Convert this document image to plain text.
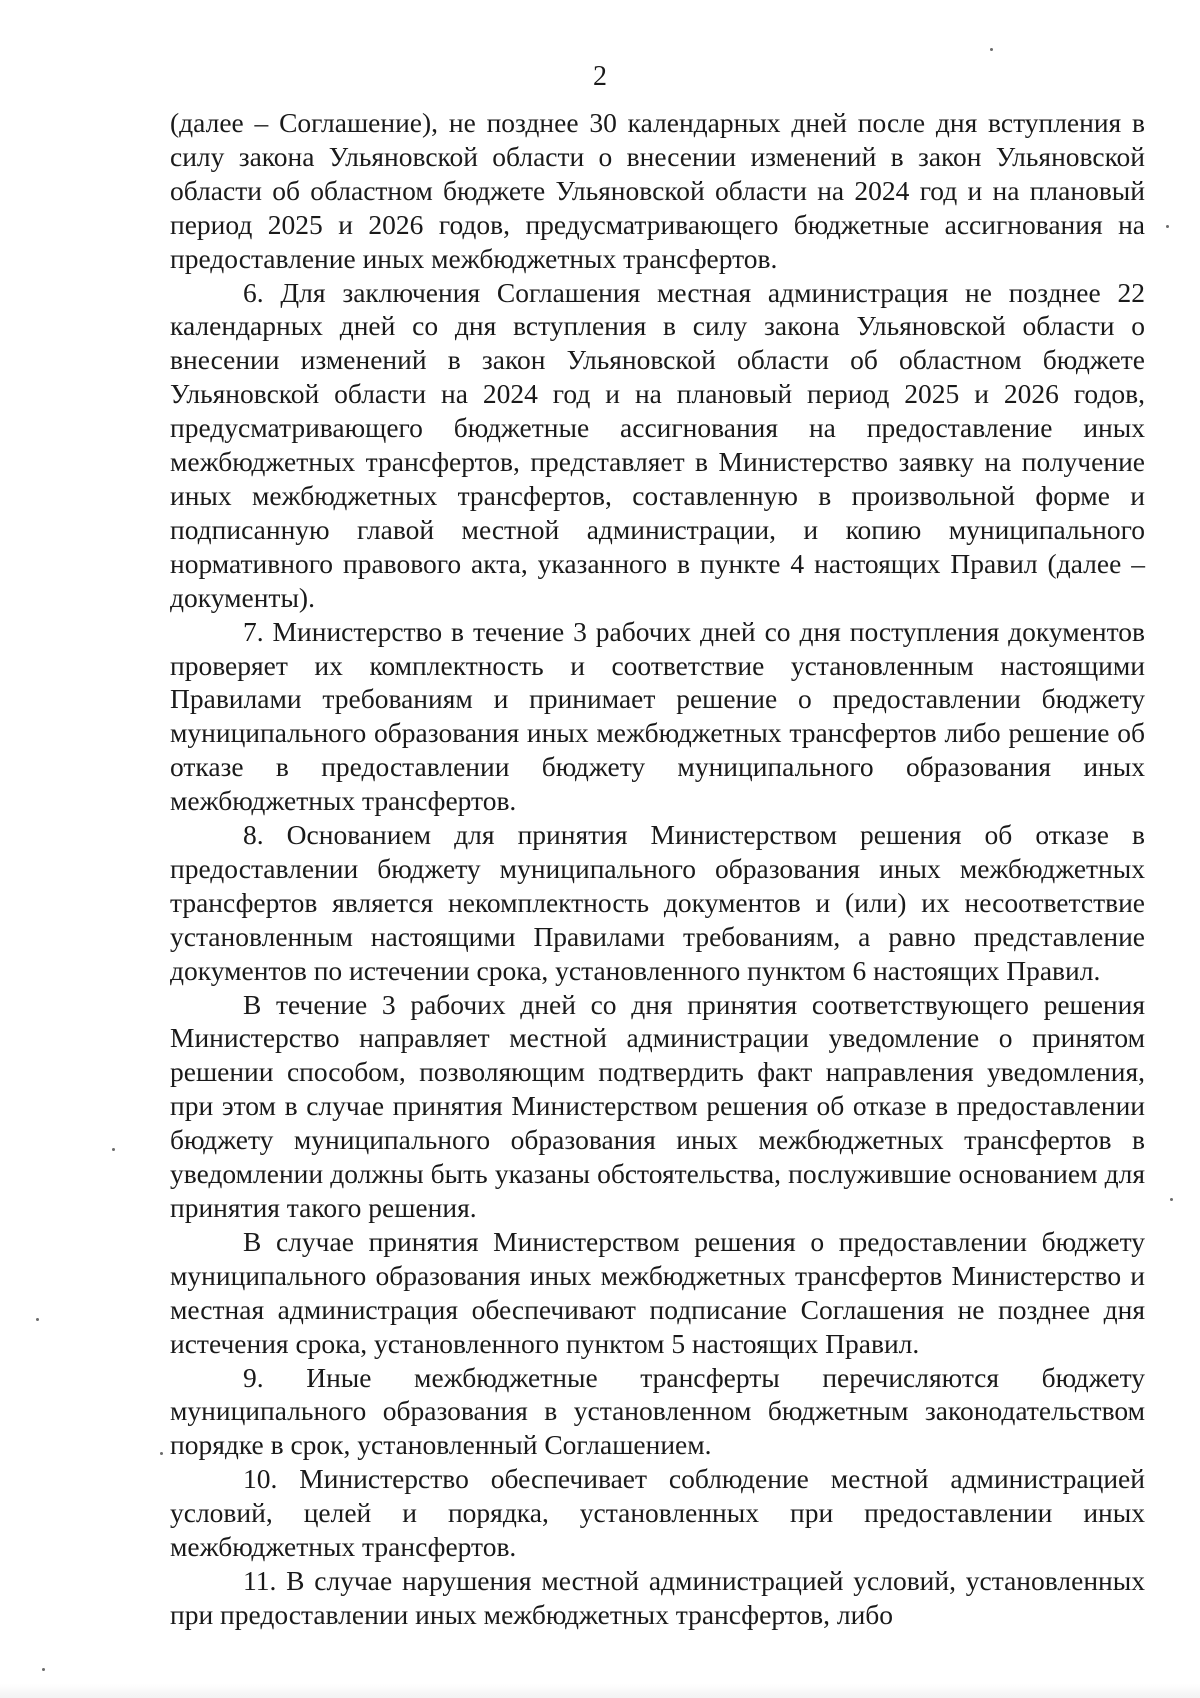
2

(далее – Соглашение), не позднее 30 календарных дней после дня вступления в силу закона Ульяновской области о внесении изменений в закон Ульяновской области об областном бюджете Ульяновской области на 2024 год и на плановый период 2025 и 2026 годов, предусматривающего бюджетные ассигнования на предоставление иных межбюджетных трансфертов.

6. Для заключения Соглашения местная администрация не позднее 22 календарных дней со дня вступления в силу закона Ульяновской области о внесении изменений в закон Ульяновской области об областном бюджете Ульяновской области на 2024 год и на плановый период 2025 и 2026 годов, предусматривающего бюджетные ассигнования на предоставление иных межбюджетных трансфертов, представляет в Министерство заявку на получение иных межбюджетных трансфертов, составленную в произвольной форме и подписанную главой местной администрации, и копию муниципального нормативного правового акта, указанного в пункте 4 настоящих Правил (далее – документы).

7. Министерство в течение 3 рабочих дней со дня поступления документов проверяет их комплектность и соответствие установленным настоящими Правилами требованиям и принимает решение о предоставлении бюджету муниципального образования иных межбюджетных трансфертов либо решение об отказе в предоставлении бюджету муниципального образования иных межбюджетных трансфертов.

8. Основанием для принятия Министерством решения об отказе в предоставлении бюджету муниципального образования иных межбюджетных трансфертов является некомплектность документов и (или) их несоответствие установленным настоящими Правилами требованиям, а равно представление документов по истечении срока, установленного пунктом 6 настоящих Правил.

В течение 3 рабочих дней со дня принятия соответствующего решения Министерство направляет местной администрации уведомление о принятом решении способом, позволяющим подтвердить факт направления уведомления, при этом в случае принятия Министерством решения об отказе в предоставлении бюджету муниципального образования иных межбюджетных трансфертов в уведомлении должны быть указаны обстоятельства, послужившие основанием для принятия такого решения.

В случае принятия Министерством решения о предоставлении бюджету муниципального образования иных межбюджетных трансфертов Министерство и местная администрация обеспечивают подписание Соглашения не позднее дня истечения срока, установленного пунктом 5 настоящих Правил.

9. Иные межбюджетные трансферты перечисляются бюджету муниципального образования в установленном бюджетным законодательством порядке в срок, установленный Соглашением.

10. Министерство обеспечивает соблюдение местной администрацией условий, целей и порядка, установленных при предоставлении иных межбюджетных трансфертов.

11. В случае нарушения местной администрацией условий, установленных при предоставлении иных межбюджетных трансфертов, либо
